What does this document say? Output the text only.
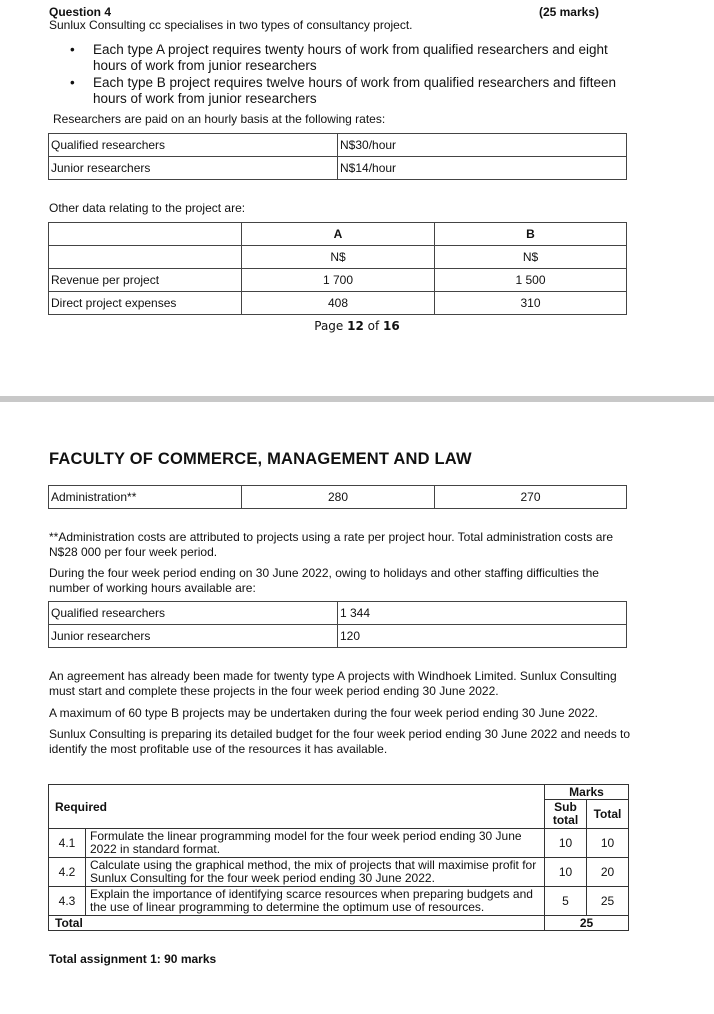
Question 4	(25 marks)
Sunlux Consulting cc specialises in two types of consultancy project.
• Each type A project requires twenty hours of work from qualified researchers and eight hours of work from junior researchers
• Each type B project requires twelve hours of work from qualified researchers and fifteen hours of work from junior researchers
Researchers are paid on an hourly basis at the following rates:
Qualified researchers	N$30/hour
Junior researchers	N$14/hour
Other data relating to the project are:
	A	B
	N$	N$
Revenue per project	1 700	1 500
Direct project expenses	408	310
Page 12 of 16
FACULTY OF COMMERCE, MANAGEMENT AND LAW
Administration**	280	270
**Administration costs are attributed to projects using a rate per project hour. Total administration costs are N$28 000 per four week period.
During the four week period ending on 30 June 2022, owing to holidays and other staffing difficulties the number of working hours available are:
Qualified researchers	1 344
Junior researchers	120
An agreement has already been made for twenty type A projects with Windhoek Limited. Sunlux Consulting must start and complete these projects in the four week period ending 30 June 2022.
A maximum of 60 type B projects may be undertaken during the four week period ending 30 June 2022.
Sunlux Consulting is preparing its detailed budget for the four week period ending 30 June 2022 and needs to identify the most profitable use of the resources it has available.
Required		Marks	
		Sub total	Total
4.1	Formulate the linear programming model for the four week period ending 30 June 2022 in standard format.	10	10
4.2	Calculate using the graphical method, the mix of projects that will maximise profit for Sunlux Consulting for the four week period ending 30 June 2022.	10	20
4.3	Explain the importance of identifying scarce resources when preparing budgets and the use of linear programming to determine the optimum use of resources.	5	25
Total		25	
Total assignment 1: 90 marks
